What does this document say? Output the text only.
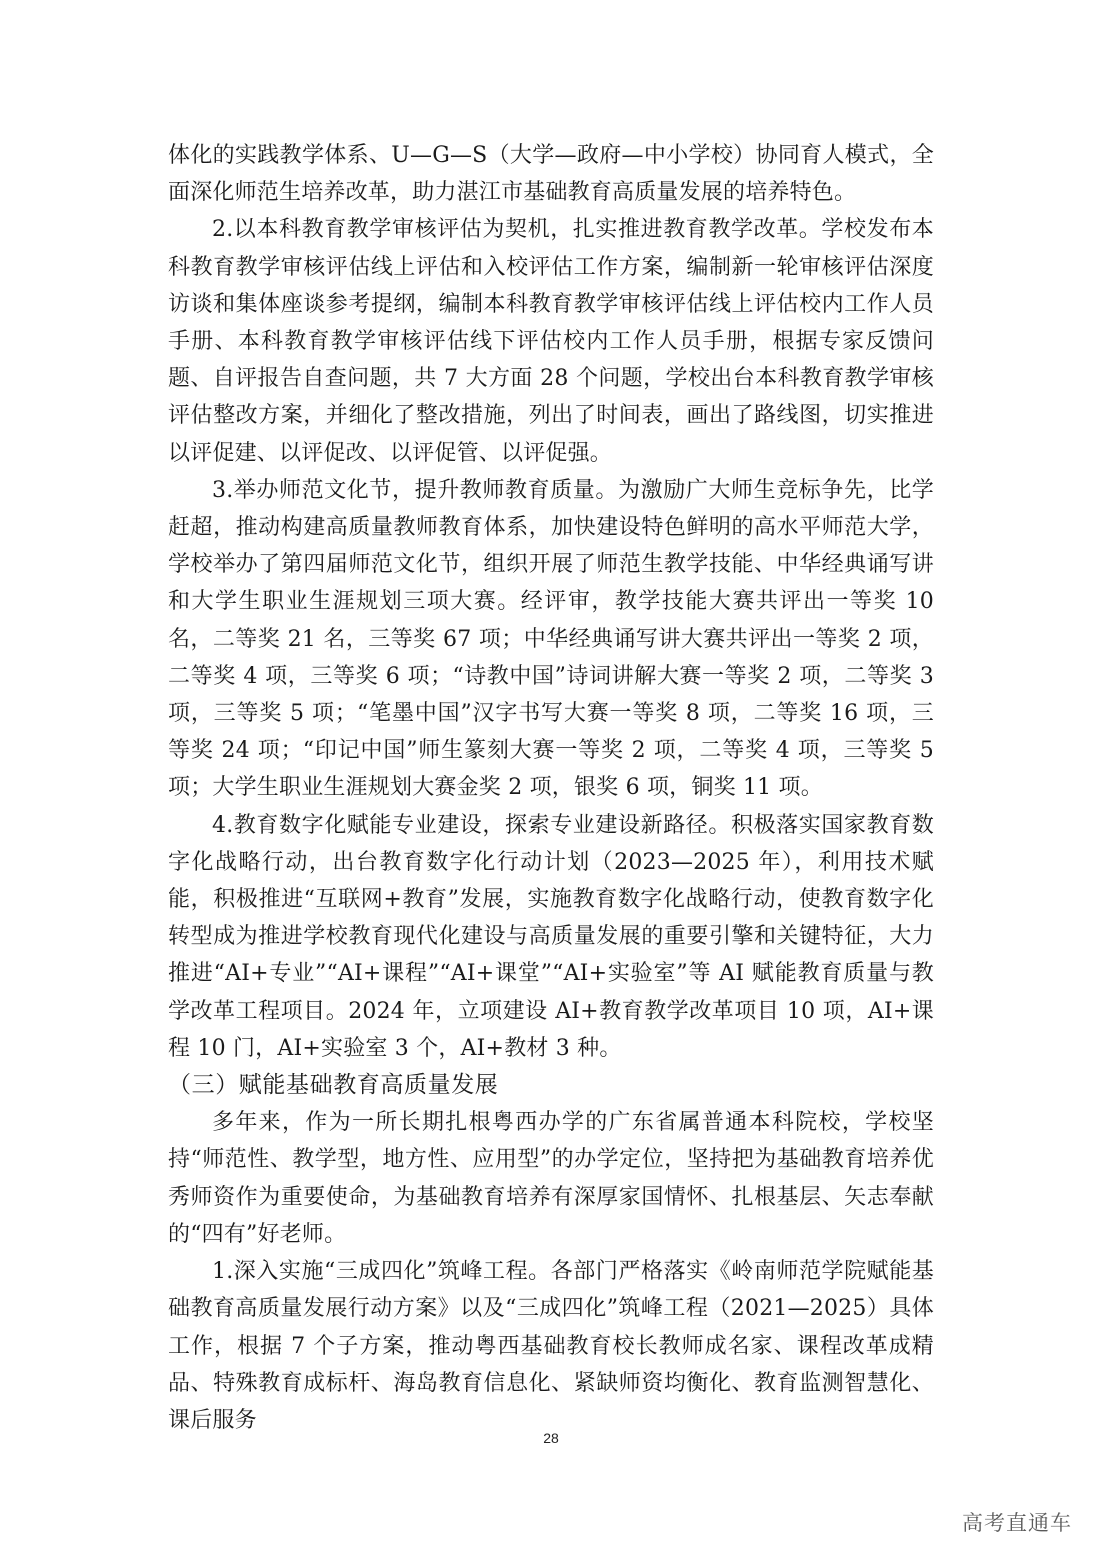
体化的实践教学体系、U—G—S（大学—政府—中小学校）协同育人模式，全面深化师范生培养改革，助力湛江市基础教育高质量发展的培养特色。

2.以本科教育教学审核评估为契机，扎实推进教育教学改革。学校发布本科教育教学审核评估线上评估和入校评估工作方案，编制新一轮审核评估深度访谈和集体座谈参考提纲，编制本科教育教学审核评估线上评估校内工作人员手册、本科教育教学审核评估线下评估校内工作人员手册，根据专家反馈问题、自评报告自查问题，共 7 大方面 28 个问题，学校出台本科教育教学审核评估整改方案，并细化了整改措施，列出了时间表，画出了路线图，切实推进以评促建、以评促改、以评促管、以评促强。

3.举办师范文化节，提升教师教育质量。为激励广大师生竞标争先，比学赶超，推动构建高质量教师教育体系，加快建设特色鲜明的高水平师范大学，学校举办了第四届师范文化节，组织开展了师范生教学技能、中华经典诵写讲和大学生职业生涯规划三项大赛。经评审，教学技能大赛共评出一等奖 10 名，二等奖 21 名，三等奖 67 项；中华经典诵写讲大赛共评出一等奖 2 项，二等奖 4 项，三等奖 6 项；“诗教中国”诗词讲解大赛一等奖 2 项，二等奖 3 项，三等奖 5 项；“笔墨中国”汉字书写大赛一等奖 8 项，二等奖 16 项，三等奖 24 项；“印记中国”师生篆刻大赛一等奖 2 项，二等奖 4 项，三等奖 5 项；大学生职业生涯规划大赛金奖 2 项，银奖 6 项，铜奖 11 项。

4.教育数字化赋能专业建设，探索专业建设新路径。积极落实国家教育数字化战略行动，出台教育数字化行动计划（2023—2025 年），利用技术赋能，积极推进“互联网+教育”发展，实施教育数字化战略行动，使教育数字化转型成为推进学校教育现代化建设与高质量发展的重要引擎和关键特征，大力推进“AI+专业”“AI+课程”“AI+课堂”“AI+实验室”等 AI 赋能教育质量与教学改革工程项目。2024 年，立项建设 AI+教育教学改革项目 10 项，AI+课程 10 门，AI+实验室 3 个，AI+教材 3 种。

（三）赋能基础教育高质量发展

多年来，作为一所长期扎根粤西办学的广东省属普通本科院校，学校坚持“师范性、教学型，地方性、应用型”的办学定位，坚持把为基础教育培养优秀师资作为重要使命，为基础教育培养有深厚家国情怀、扎根基层、矢志奉献的“四有”好老师。

1.深入实施“三成四化”筑峰工程。各部门严格落实《岭南师范学院赋能基础教育高质量发展行动方案》以及“三成四化”筑峰工程（2021—2025）具体工作，根据 7 个子方案，推动粤西基础教育校长教师成名家、课程改革成精品、特殊教育成标杆、海岛教育信息化、紧缺师资均衡化、教育监测智慧化、课后服务

28
高考直通车
